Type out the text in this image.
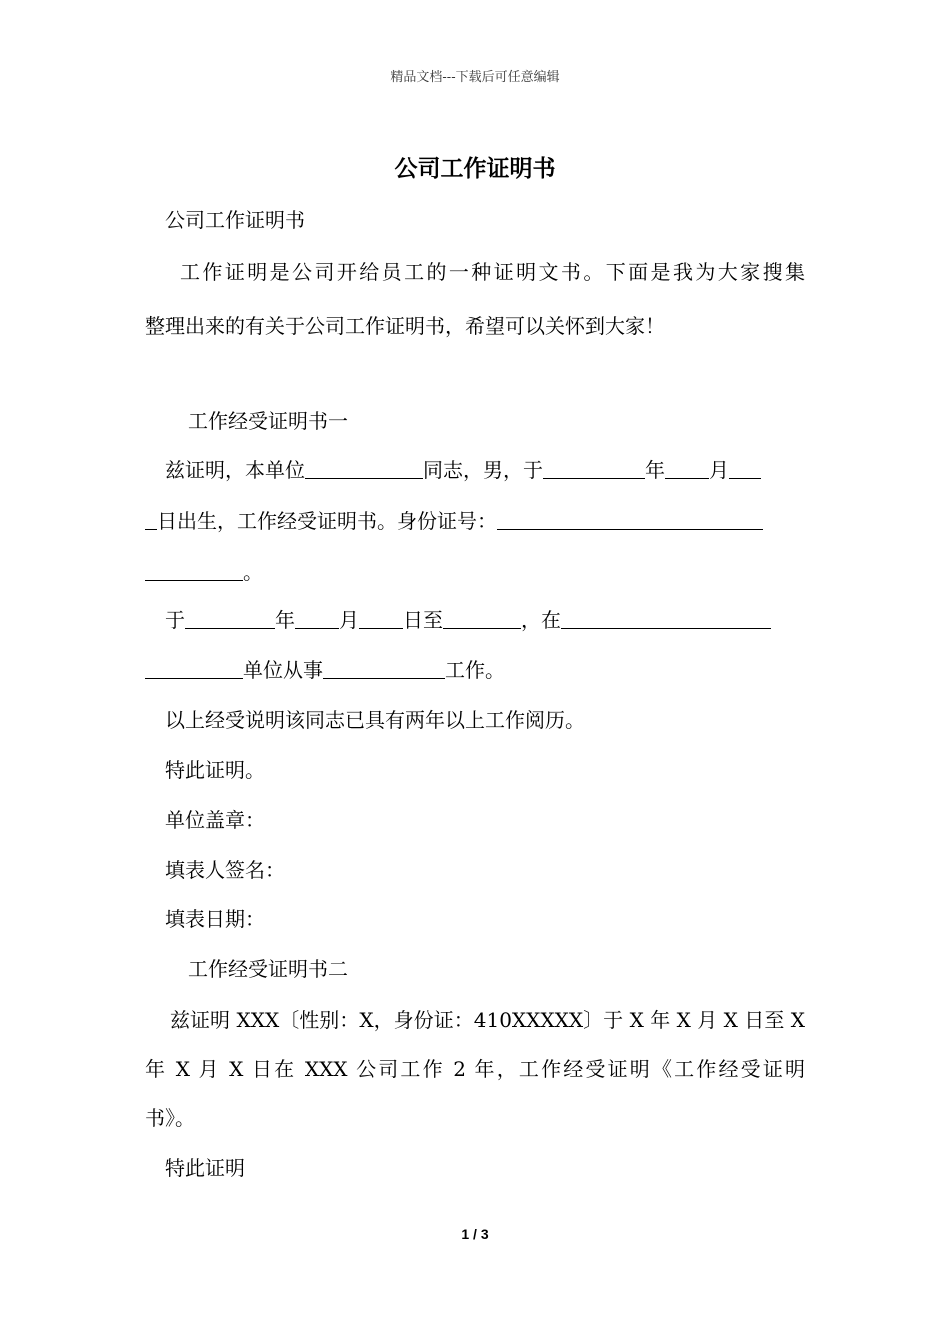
精品文档---下载后可任意编辑
公司工作证明书
公司工作证明书
工作证明是公司开给员工的一种证明文书。下面是我为大家搜集
整理出来的有关于公司工作证明书，希望可以关怀到大家！
工作经受证明书一
兹证明，本单位	同志，男，于	年 月
日出生，工作经受证明书。身份证号：
。
于	年 月 日至	，在
单位从事	工作。
以上经受说明该同志已具有两年以上工作阅历。
特此证明。
单位盖章：
填表人签名：
填表日期：
工作经受证明书二
兹证明 XXX〔性别：X，身份证：410XXXXX〕于 X 年 X 月 X 日至 X
年 X 月 X 日在 XXX 公司工作 2 年，工作经受证明《工作经受证明
书》。
特此证明
1 / 3
